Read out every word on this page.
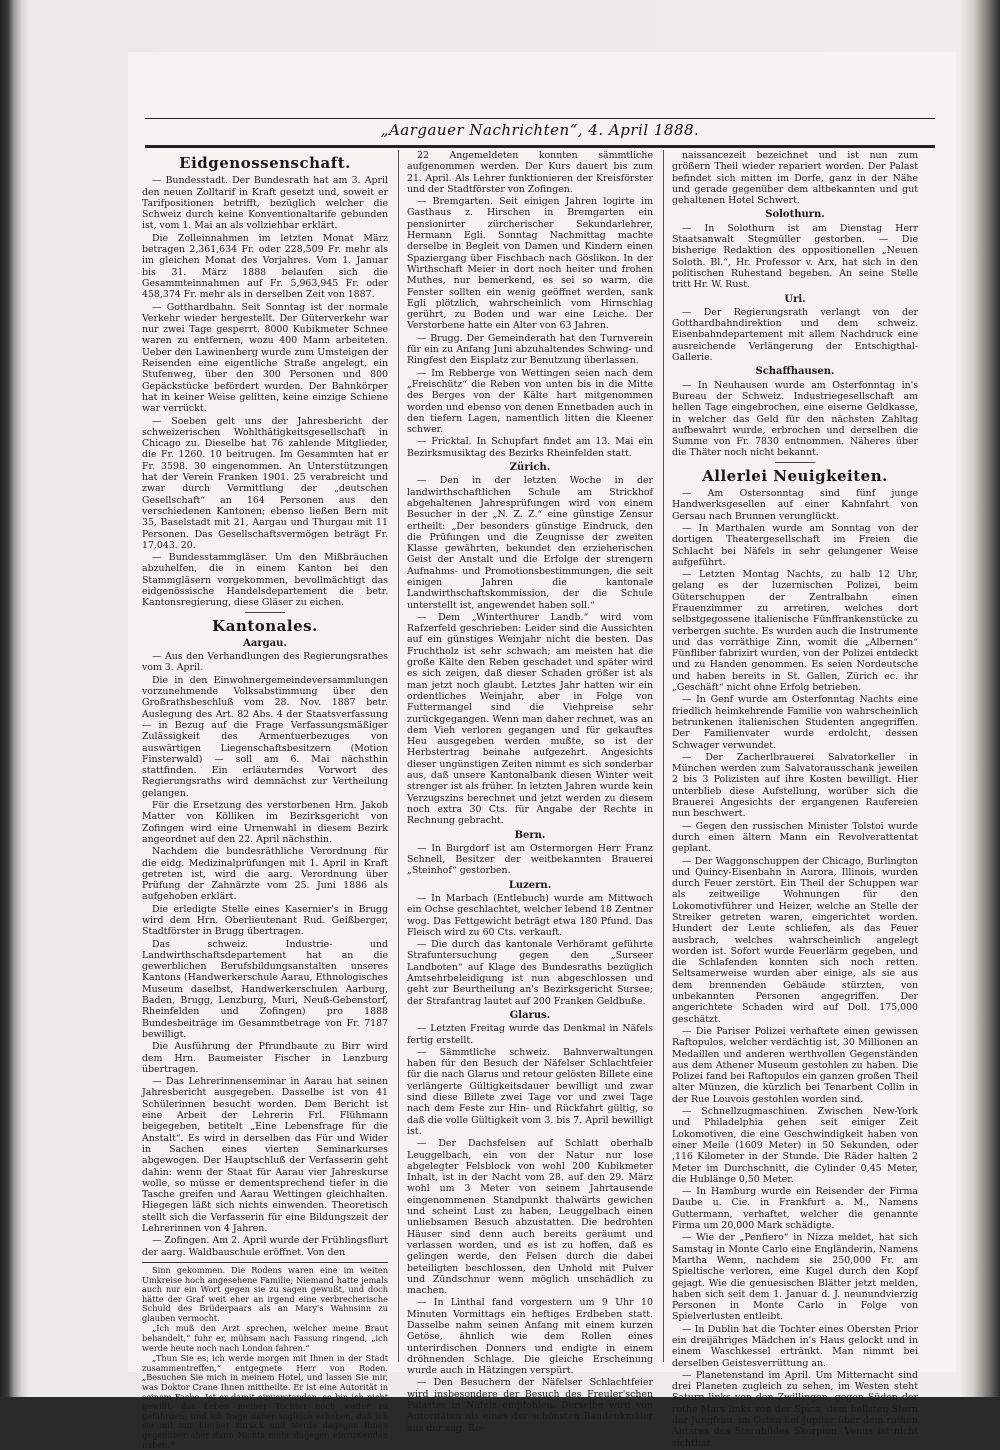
„Aargauer Nachrichten“, 4. April 1888.
Eidgenossenschaft.

— Bundesstadt. Der Bundesrath hat am 3. April den neuen Zolltarif in Kraft gesetzt und, soweit er Tarifpositionen betrifft, bezüglich welcher die Schweiz durch keine Konventionaltarife gebunden ist, vom 1. Mai an als vollziehbar erklärt.

Die Zolleinnahmen im letzten Monat März betragen 2,361,634 Fr. oder 228,509 Fr. mehr als im gleichen Monat des Vorjahres. Vom 1. Januar bis 31. März 1888 belaufen sich die Gesammteinnahmen auf Fr. 5,963,945 Fr. oder 458,374 Fr. mehr als in derselben Zeit von 1887.

— Gotthardbahn. Seit Sonntag ist der normale Verkehr wieder hergestellt. Der Güterverkehr war nur zwei Tage gesperrt. 8000 Kubikmeter Schnee waren zu entfernen, wozu 400 Mann arbeiteten. Ueber den Lawinenberg wurde zum Umsteigen der Reisenden eine eigentliche Straße angelegt, ein Stufenweg, über den 300 Personen und 800 Gepäckstücke befördert wurden. Der Bahnkörper hat in keiner Weise gelitten, keine einzige Schiene war verrückt.

— Soeben gelt uns der Jahresbericht der schweizerischen Wohlthätigkeitsgesellschaft in Chicago zu. Dieselbe hat 76 zahlende Mitglieder, die Fr. 1260. 10 beitrugen. Im Gesammten hat er Fr. 3598. 30 eingenommen. An Unterstützungen hat der Verein Franken 1901. 25 verabreicht und zwar durch Vermittlung der „deutschen Gesellschaft“ an 164 Personen aus den verschiedenen Kantonen; ebenso ließen Bern mit 35, Baselstadt mit 21, Aargau und Thurgau mit 11 Personen. Das Gesellschaftsvermögen beträgt Fr. 17,043. 20.

— Bundesstammgläser. Um den Mißbräuchen abzuhelfen, die in einem Kanton bei den Stammgläsern vorgekommen, bevollmächtigt das eidgenössische Handelsdepartement die betr. Kantonsregierung, diese Gläser zu eichen.

Kantonales.
Aargau.

— Aus den Verhandlungen des Regierungsrathes vom 3. April.

Die in den Einwohnergemeindeversammlungen vorzunehmende Volksabstimmung über den Großrathsbeschluß vom 28. Nov. 1887 betr. Auslegung des Art. 82 Abs. 4 der Staatsverfassung — in Bezug auf die Frage Verfassungsmäßiger Zulässigkeit des Armentuerbezuges von auswärtigen Liegenschaftsbesitzern (Motion Finsterwald) — soll am 6. Mai nächsthin stattfinden. Ein erläuterndes Vorwort des Regierungsraths wird demnächst zur Vertheilung gelangen.

Für die Ersetzung des verstorbenen Hrn. Jakob Matter von Kölliken im Bezirksgericht von Zofingen wird eine Urnenwahl in diesem Bezirk angeordnet auf den 22. April nächsthin.

Nachdem die bundesräthliche Verordnung für die eidg. Medizinalprüfungen mit 1. April in Kraft getreten ist, wird die aarg. Verordnung über Prüfung der Zahnärzte vom 25. Juni 1886 als aufgehoben erklärt.

Die erledigte Stelle eines Kasernier's in Brugg wird dem Hrn. Oberlieutenant Rud. Geißberger, Stadtförster in Brugg übertragen.

Das schweiz. Industrie- und Landwirthschaftsdepartement hat an die gewerblichen Berufsbildungsanstalten unseres Kantons (Handwerkerschule Aarau, Ethnologisches Museum daselbst, Handwerkerschulen Aarburg, Baden, Brugg, Lenzburg, Muri, Neuß-Gebenstorf, Rheinfelden und Zofingen) pro 1888 Bundesbeiträge im Gesammtbetrage von Fr. 7187 bewilligt.

Die Ausführung der Pfrundbaute zu Birr wird dem Hrn. Baumeister Fischer in Lenzburg übertragen.

— Das Lehrerinnenseminar in Aarau hat seinen Jahresbericht ausgegeben. Dasselbe ist von 41 Schülerinnen besucht worden. Dem Bericht ist eine Arbeit der Lehrerin Frl. Flühmann beigegeben, betitelt „Eine Lebensfrage für die Anstalt“. Es wird in derselben das Für und Wider in Sachen eines vierten Seminarkurses abgewogen. Der Hauptschluß der Verfasserin geht dahin: wenn der Staat für Aarau vier Jahreskurse wolle, so müsse er dementsprechend tiefer in die Tasche greifen und Aarau Wettingen gleichhalten. Hiegegen läßt sich nichts einwenden. Theoretisch stellt sich die Verfasserin für eine Bildungszeit der Lehrerinnen von 4 Jahren.

— Zofingen. Am 2. April wurde der Frühlingsflurt der aarg. Waldbauschule eröffnet. Von den

Sinn gekommen. Die Rodens waren eine im weiten Umkreise hoch angesehene Familie; Niemand hatte jemals auch nur ein Wort gegen sie zu sagen gewußt, und doch hätte der Graf weit eher an irgend eine verbrecherische Schuld des Brüderpaars als an Mary's Wahnsinn zu glauben vermocht.

„Ich muß den Arzt sprechen, welcher meine Braut behandelt,“ fuhr er, mühsam nach Fassung ringend, „ich werde heute noch nach London fahren.“

„Thun Sie es; ich werde morgen mit Ihnen in der Stadt zusammentreffen,“ entgegnete Herr von Roden. „Besuchen Sie mich in meinem Hotel, und lassen Sie mir, was Doktor Crane Ihnen mittheilte. Er ist eine Autorität in seinem Fache. Ist er damit einverstanden, so bin ich nicht gewillt, das Leben meiner Tochter noch weiter zu gefährden; und ich frage daher sogleich erhoben, daß ich sie mit mir hierher zurück und werde dagegen Ihnen gegenüber aber dann Nichts mehr dagegen einzuwenden haben.“

22 Angemeldeten konnten sämmtliche aufgenommen werden. Der Kurs dauert bis zum 21. April. Als Lehrer funktionieren der Kreisförster und der Stadtförster von Zofingen.

— Bremgarten. Seit einigen Jahren logirte im Gasthaus z. Hirschen in Bremgarten ein pensionirter zürcherischer Sekundarlehrer, Hermann Egli. Sonntag Nachmittag machte derselbe in Begleit von Damen und Kindern einen Spaziergang über Fischbach nach Göslikon. In der Wirthschaft Meier in dort noch heiter und frohen Muthes, nur bemerkend, es sei so warm, die Fenster sollten ein wenig geöffnet werden, sank Egli plötzlich, wahrscheinlich vom Hirnschlag gerührt, zu Boden und war eine Leiche. Der Verstorbene hatte ein Alter von 63 Jahren.

— Brugg. Der Gemeinderath hat den Turnverein für ein zu Anfang Juni abzuhaltendes Schwing- und Ringfest den Eisplatz zur Benutzung überlassen.

— Im Rebberge von Wettingen seien nach dem „Freischütz“ die Reben von unten bis in die Mitte des Berges von der Kälte hart mitgenommen worden und ebenso von denen Ennetbaden auch in den tiefern Lagen, namentlich litten die Kleener schwer.

— Fricktal. In Schupfart findet am 13. Mai ein Bezirksmusiktag des Bezirks Rheinfelden statt.

Zürich.

— Den in der letzten Woche in der landwirthschaftlichen Schule am Strickhof abgehaltenen Jahresprüfungen wird von einem Besucher in der „N. Z. Z.“ eine günstige Zensur ertheilt: „Der besonders günstige Eindruck, den die Prüfungen und die Zeugnisse der zweiten Klasse gewährten, bekundet den erzieherischen Geist der Anstalt und die Erfolge der strengern Aufnahms- und Promotionsbestimmungen, die seit einigen Jahren die kantonale Landwirthschaftskommission, der die Schule unterstellt ist, angewendet haben soll.“

— Dem „Winterthurer Landb.“ wird vom Rafzerfeld geschrieben: Leider sind die Aussichten auf ein günstiges Weinjahr nicht die besten. Das Fruchtholz ist sehr schwach; am meisten hat die große Kälte den Reben geschadet und später wird es sich zeigen, daß dieser Schaden größer ist als man jetzt noch glaubt. Letztes Jahr hatten wir ein ordentliches Weinjahr, aber in Folge von Futtermangel sind die Viehpreise sehr zurückgegangen. Wenn man daher rechnet, was an dem Vieh verloren gegangen und für gekauftes Heu ausgegeben werden mußte, so ist der Herbstertrag beinahe aufgezehrt. Angesichts dieser ungünstigen Zeiten nimmt es sich sonderbar aus, daß unsere Kantonalbank diesen Winter weit strenger ist als früher. In letzten Jahren wurde kein Verzugszins berechnet und jetzt werden zu diesem noch extra 30 Cts. für Angabe der Rechte in Rechnung gebracht.

Bern.

— In Burgdorf ist am Ostermorgen Herr Franz Schnell, Besitzer der weitbekannten Brauerei „Steinhof“ gestorben.

Luzern.

— In Marbach (Entlebuch) wurde am Mittwoch ein Ochse geschlachtet, welcher lebend 18 Zentner wog. Das Fettgewicht beträgt etwa 180 Pfund. Das Fleisch wird zu 60 Cts. verkauft.

— Die durch das kantonale Verhöramt geführte Strafuntersuchung gegen den „Surseer Landboten“ auf Klage des Bundesraths bezüglich Amtsehrbeleidigung ist nun abgeschlossen und geht zur Beurtheilung an's Bezirksgericht Sursee; der Strafantrag lautet auf 200 Franken Geldbuße.

Glarus.

— Letzten Freitag wurde das Denkmal in Näfels fertig erstellt.

— Sämmtliche schweiz. Bahnverwaltungen haben für den Besuch der Näfelser Schlachtfeier für die nach Glarus und retour gelösten Billete eine verlängerte Gültigkeitsdauer bewilligt und zwar sind diese Billete zwei Tage vor und zwei Tage nach dem Feste zur Hin- und Rückfahrt gültig, so daß die volle Gültigkeit vom 3. bis 7. April bewilligt ist.

— Der Dachsfelsen auf Schlatt oberhalb Leuggelbach, ein von der Natur nur lose abgelegter Felsblock von wohl 200 Kubikmeter Inhalt, ist in der Nacht vom 28. auf den 29. März wohl um 3 Meter von seinem Jahrtausende eingenommenen Standpunkt thalwärts gewichen und scheint Lust zu haben, Leuggelbach einen unliebsamen Besuch abzustatten. Die bedrohten Häuser sind denn auch bereits geräumt und verlassen worden, und es ist zu hoffen, daß es gelingen werde, den Felsen durch die dabei beteiligten beschlossen, den Unhold mit Pulver und Zündschnur wenn möglich unschädlich zu machen.

— In Linthal fand vorgestern um 9 Uhr 10 Minuten Vormittags ein heftiges Erdbeben statt. Dasselbe nahm seinen Anfang mit einem kurzen Getöse, ähnlich wie dem Rollen eines unterirdischen Donners und endigte in einem dröhnenden Schlage. Die gleiche Erscheinung wurde auch in Hätzingen verspürt.

— Den Besuchern der Näfelser Schlachtfeier wird insbesondere der Besuch des Freuler'schen Palastes in Näfels empfohlen. Derselbe wird von Autoritäten als eines der schönsten Baudenkmäler aus der sog. Re-

naissancezeit bezeichnet und ist nun zum größern Theil wieder repariert worden. Der Palast befindet sich mitten im Dorfe, ganz in der Nähe und gerade gegenüber dem altbekannten und gut gehaltenen Hotel Schwert.

Solothurn.

— In Solothurn ist am Dienstag Herr Staatsanwalt Stegmüller gestorben. — Die bisherige Redaktion des oppositionellen „Neuen Soloth. Bl.“, Hr. Professor v. Arx, hat sich in den politischen Ruhestand begeben. An seine Stelle tritt Hr. W. Rust.

Uri.

— Der Regierungsrath verlangt von der Gotthardbahndirektion und dem schweiz. Eisenbahndepartement mit allem Nachdruck eine ausreichende Verlängerung der Entschigthal-Gallerie.

Schaffhausen.

— In Neuhausen wurde am Osterfonntag in's Bureau der Schweiz. Industriegesellschaft am hellen Tage eingebrochen, eine eiserne Geldkasse, in welcher das Geld für den nächsten Zahltag aufbewahrt wurde, erbrochen und derselben die Summe von Fr. 7830 entnommen. Näheres über die Thäter noch nicht bekannt.

Allerlei Neuigkeiten.

— Am Ostersonntag sind fünf junge Handwerksgesellen auf einer Kahnfahrt von Gersau nach Brunnen verunglückt.

— In Marthalen wurde am Sonntag von der dortigen Theatergesellschaft im Freien die Schlacht bei Näfels in sehr gelungener Weise aufgeführt.

— Letzten Montag Nachts, zu halb 12 Uhr, gelang es der luzernischen Polizei, beim Güterschuppen der Zentralbahn einen Frauenzimmer zu arretiren, welches dort selbstgegossene italienische Fünffrankenstücke zu verbergen suchte. Es wurden auch die Instrumente und das vorräthige Zinn, womit die „Albernen“ Fünfliber fabrizirt wurden, von der Polizei entdeckt und zu Handen genommen. Es seien Nordeutsche und haben bereits in St. Gallen, Zürich ec. ihr „Geschäft“ nicht ohne Erfolg betrieben.

— In Genf wurde am Osterfonntag Nachts eine friedlich heimkehrende Familie von wahrscheinlich betrunkenen italienischen Studenten angegriffen. Der Familienvater wurde erdolcht, dessen Schwager verwundet.

— Der Zacherlbrauerei Salvatorkeller in München werden zum Salvatorausschank jeweilen 2 bis 3 Polizisten auf ihre Kosten bewilligt. Hier unterblieb diese Aufstellung, worüber sich die Brauerei Angesichts der ergangenen Raufereien nun beschwert.

— Gegen den russischen Minister Tolstoi wurde durch einen ältern Mann ein Revolverattentat geplant.

— Der Waggonschuppen der Chicago, Burlington und Quincy-Eisenbahn in Aurora, Illinois, wurden durch Feuer zerstört. Ein Theil der Schuppen war als zeitweilige Wohnungen für den Lokomotivführer und Heizer, welche an Stelle der Streiker getreten waren, eingerichtet worden. Hundert der Leute schliefen, als das Feuer ausbrach, welches wahrscheinlich angelegt worden ist. Sofort wurde Feuerlärm gegeben, und die Schlafenden konnten sich noch retten. Seltsamerweise wurden aber einige, als sie aus dem brennenden Gebäude stürzten, von unbekannten Personen angegriffen. Der angerichtete Schaden wird auf Doll. 175,000 geschätzt.

— Die Pariser Polizei verhaftete einen gewissen Raftopulos, welcher verdächtig ist, 30 Millionen an Medaillen und anderen werthvollen Gegenständen aus dem Athener Museum gestohlen zu haben. Die Polizei fand bei Raftopulos ein ganzen großen Theil alter Münzen, die kürzlich bei Tenarbent Collin in der Rue Louvois gestohlen worden sind.

— Schnellzugmaschinen. Zwischen New-York und Philadelphia gehen seit einiger Zeit Lokomotiven, die eine Geschwindigkeit haben von einer Meile (1609 Meter) in 50 Sekunden, oder ,116 Kilometer in der Stunde. Die Räder halten 2 Meter im Durchschnitt, die Cylinder 0,45 Meter, die Hublänge 0,50 Meter.

— In Hamburg wurde ein Reisender der Firma Daube u. Cie. in Frankfurt a. M., Namens Guttermann, verhaftet, welcher die genannte Firma um 20,000 Mark schädigte.

— Wie der „Penfiero“ in Nizza meldet, hat sich Samstag in Monte Carlo eine Engländerin, Namens Martha Wenn, nachdem sie 250,000 Fr. am Spieltische verloren, eine Kugel durch den Kopf gejagt. Wie die genuesischen Blätter jetzt melden, haben sich seit dem 1. Januar d. J. neunundvierzig Personen in Monte Carlo in Folge von Spielverlusten entleibt.

— In Dublin hat die Tochter eines Obersten Prior ein dreijähriges Mädchen in's Haus gelockt und in einem Waschkessel ertränkt. Man nimmt bei derselben Geistesverrüttung an.

— Planetenstand im April. Um Mitternacht sind drei Planeten zugleich zu sehen, im Westen steht Saturn links von den Zwillingen, gegen Süden der rothe Mars links von der Spica, dem hellsten Stern der Jungfrau, im Osten lief Jupiter über dem rothen Antares des Sternbildes Skorpion. Venus ist nicht sichtbar.
